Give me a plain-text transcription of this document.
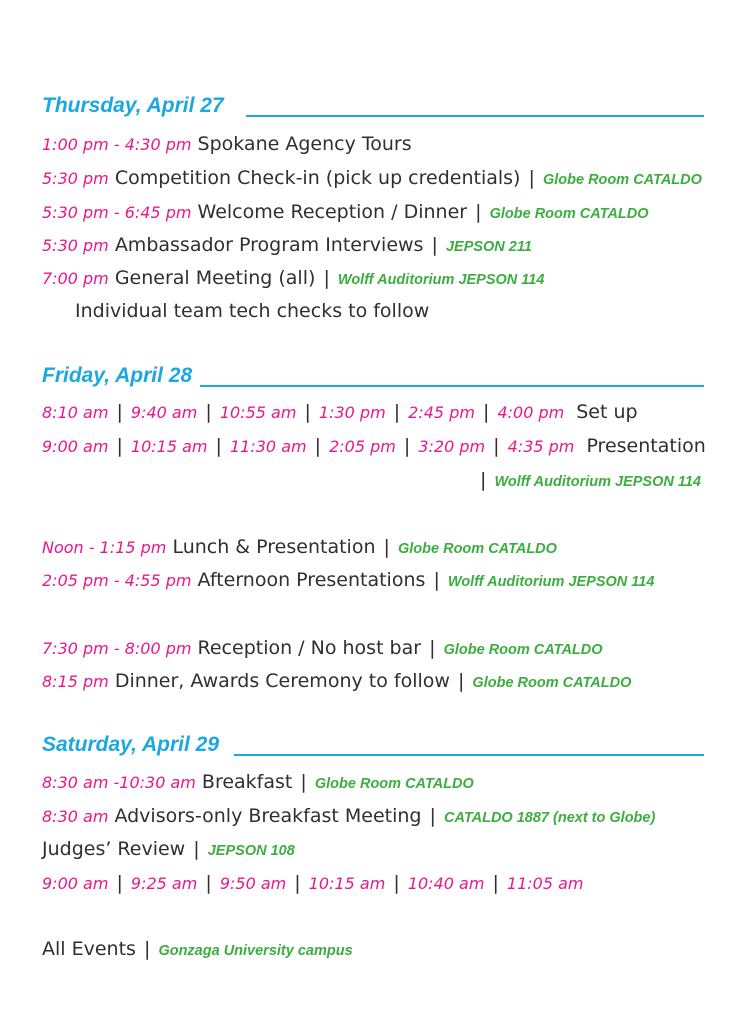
Thursday, April 27
1:00 pm - 4:30 pm Spokane Agency Tours
5:30 pm Competition Check-in (pick up credentials) | Globe Room CATALDO
5:30 pm - 6:45 pm Welcome Reception / Dinner | Globe Room CATALDO
5:30 pm Ambassador Program Interviews | JEPSON 211
7:00 pm General Meeting (all) | Wolff Auditorium JEPSON 114
Individual team tech checks to follow
Friday, April 28
8:10 am | 9:40 am | 10:55 am | 1:30 pm | 2:45 pm | 4:00 pm Set up
9:00 am | 10:15 am | 11:30 am | 2:05 pm | 3:20 pm | 4:35 pm Presentation
| Wolff Auditorium JEPSON 114
Noon - 1:15 pm Lunch & Presentation | Globe Room CATALDO
2:05 pm - 4:55 pm Afternoon Presentations | Wolff Auditorium JEPSON 114
7:30 pm - 8:00 pm Reception / No host bar | Globe Room CATALDO
8:15 pm Dinner, Awards Ceremony to follow | Globe Room CATALDO
Saturday, April 29
8:30 am -10:30 am Breakfast | Globe Room CATALDO
8:30 am Advisors-only Breakfast Meeting | CATALDO 1887 (next to Globe)
Judges’ Review | JEPSON 108
9:00 am | 9:25 am | 9:50 am | 10:15 am | 10:40 am | 11:05 am
All Events | Gonzaga University campus
